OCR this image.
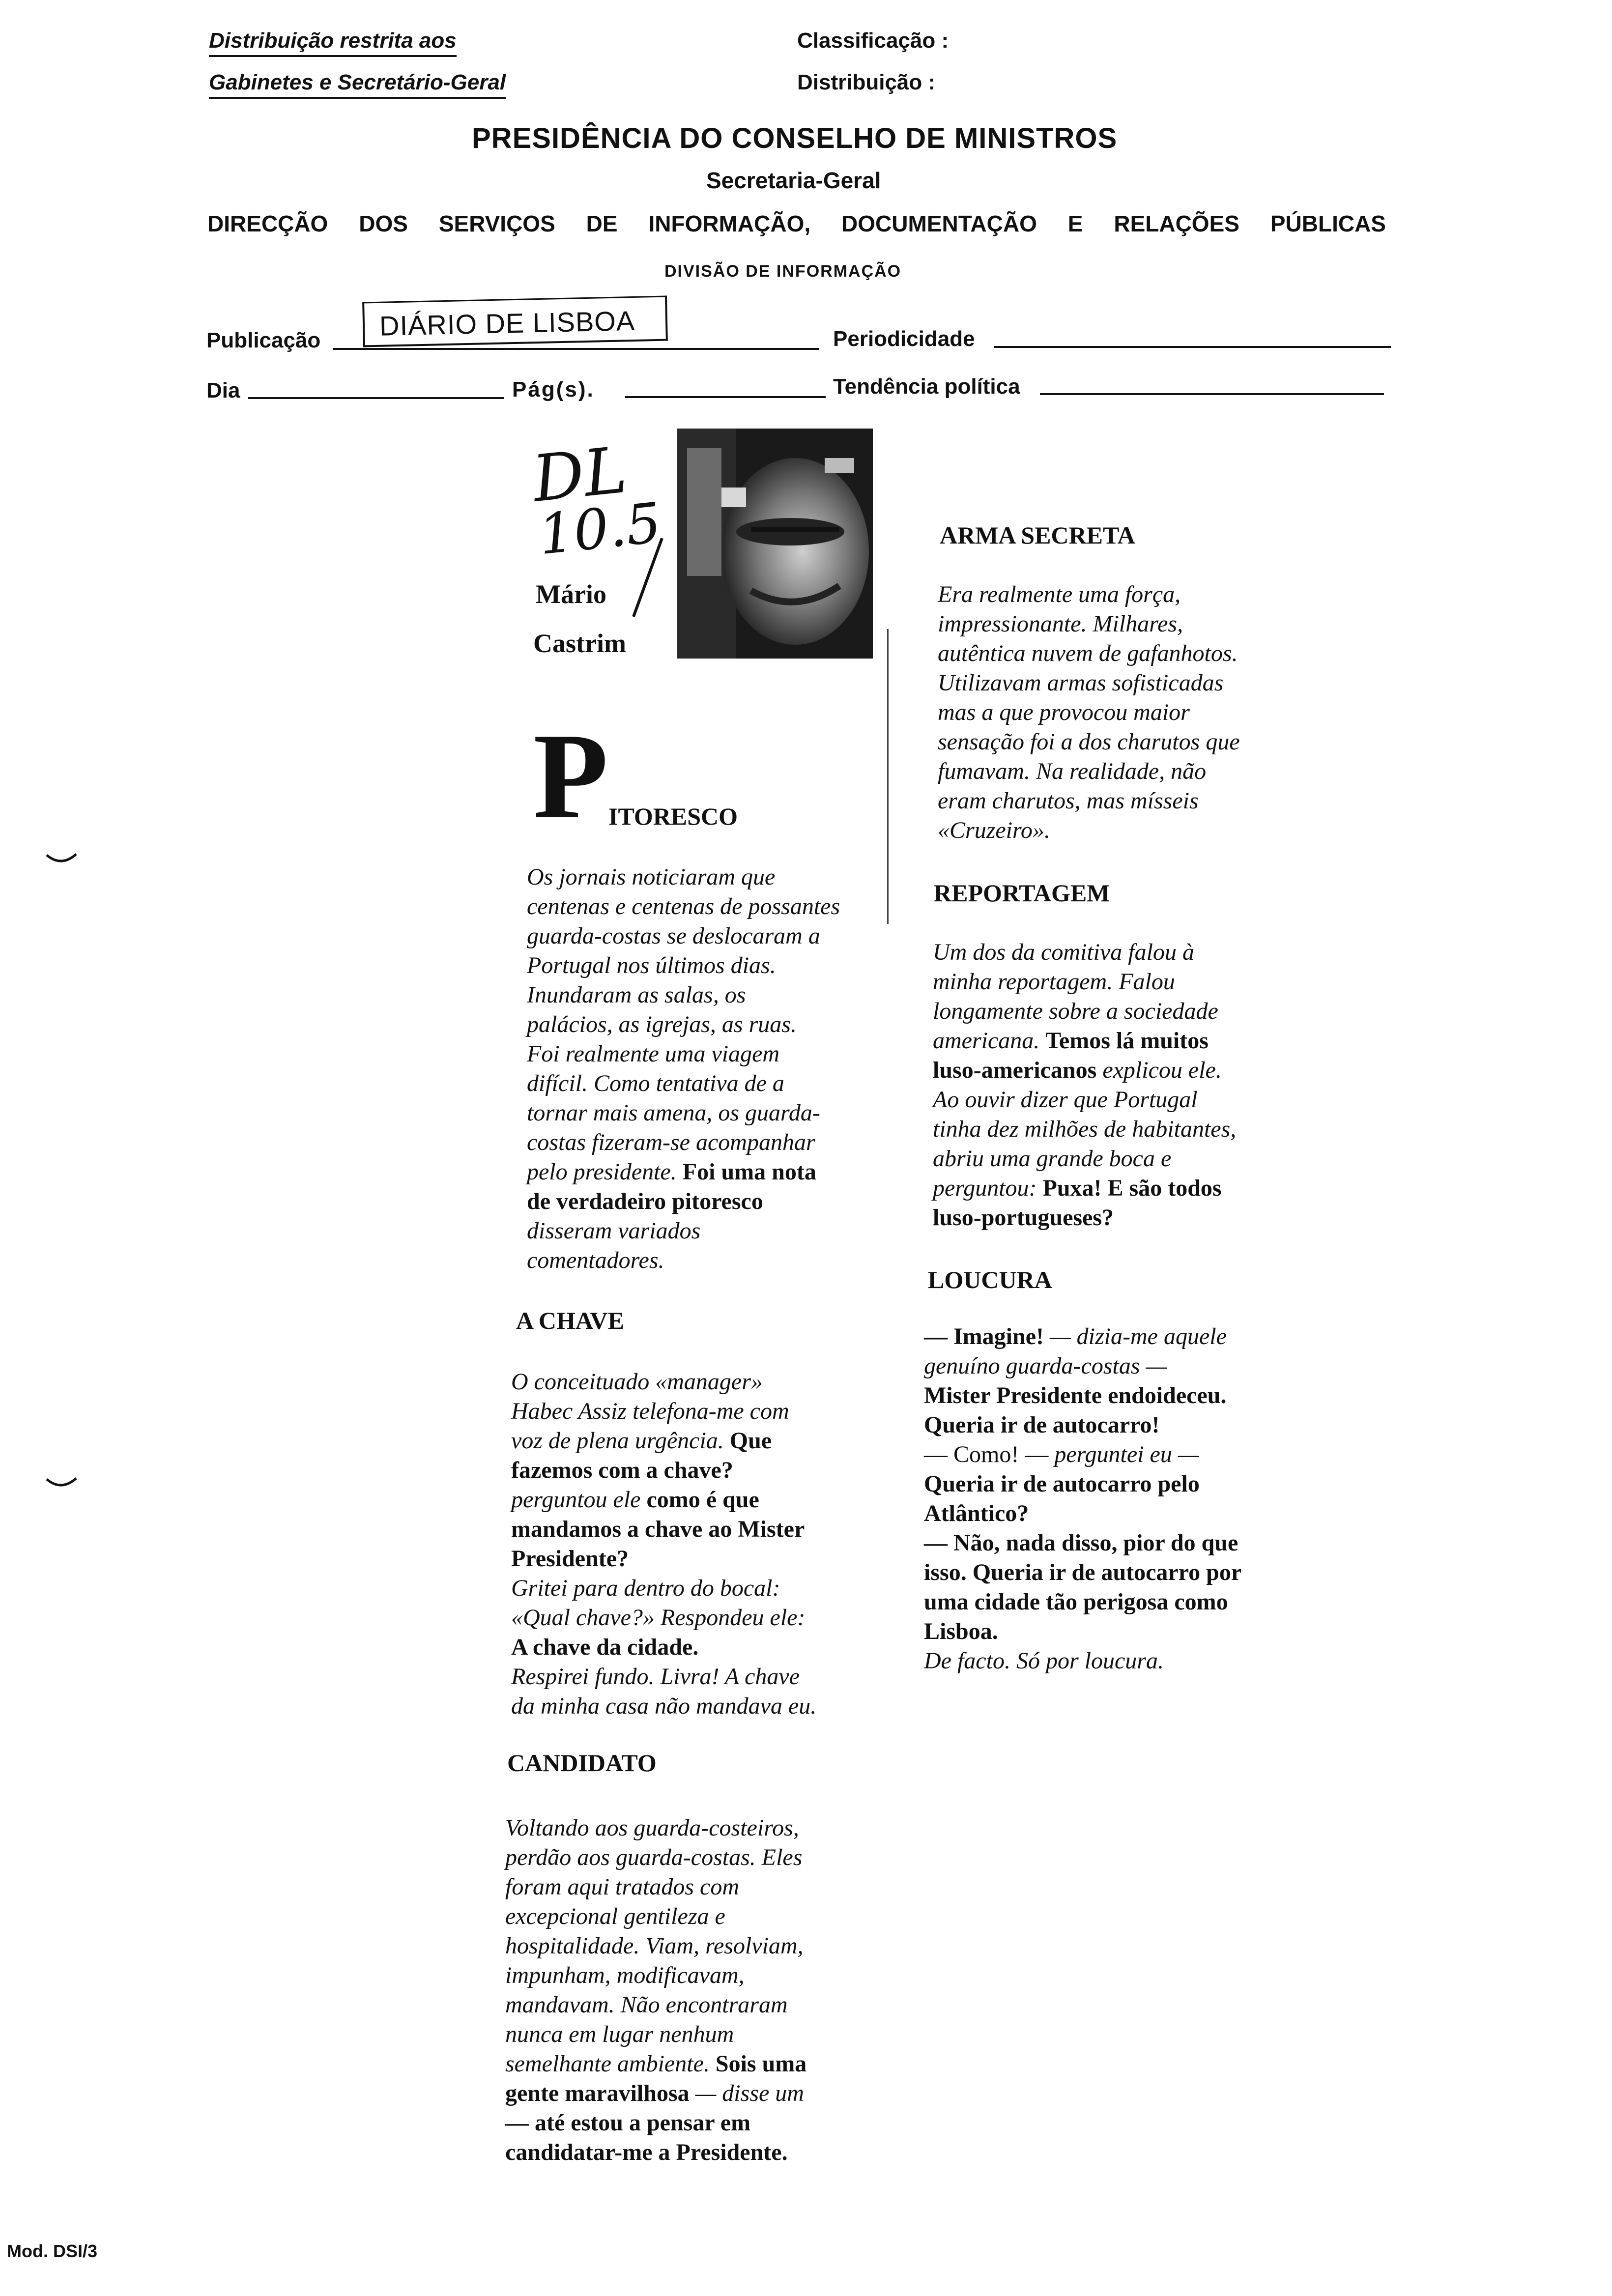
Distribuição restrita aos
Gabinetes e Secretário-Geral
Classificação :
Distribuição :
PRESIDÊNCIA DO CONSELHO DE MINISTROS
Secretaria-Geral
DIRECÇÃO DOS SERVIÇOS DE INFORMAÇÃO, DOCUMENTAÇÃO E RELAÇÕES PÚBLICAS
DIVISÃO DE INFORMAÇÃO
Publicação DIÁRIO DE LISBOA	Periodicidade
Dia	Pág(s).	Tendência política
DL
10.5
Mário
Castrim
P ITORESCO
Os jornais noticiaram que
centenas e centenas de possantes
guarda-costas se deslocaram a
Portugal nos últimos dias.
Inundaram as salas, os
palácios, as igrejas, as ruas.
Foi realmente uma viagem
difícil. Como tentativa de a
tornar mais amena, os guarda-
costas fizeram-se acompanhar
pelo presidente. Foi uma nota
de verdadeiro pitoresco
disseram variados
comentadores.
A CHAVE
O conceituado «manager»
Habec Assiz telefona-me com
voz de plena urgência. Que
fazemos com a chave?
perguntou ele como é que
mandamos a chave ao Mister
Presidente?
Gritei para dentro do bocal:
«Qual chave?» Respondeu ele:
A chave da cidade.
Respirei fundo. Livra! A chave
da minha casa não mandava eu.
CANDIDATO
Voltando aos guarda-costeiros,
perdão aos guarda-costas. Eles
foram aqui tratados com
excepcional gentileza e
hospitalidade. Viam, resolviam,
impunham, modificavam,
mandavam. Não encontraram
nunca em lugar nenhum
semelhante ambiente. Sois uma
gente maravilhosa — disse um
— até estou a pensar em
candidatar-me a Presidente.
ARMA SECRETA
Era realmente uma força,
impressionante. Milhares,
autêntica nuvem de gafanhotos.
Utilizavam armas sofisticadas
mas a que provocou maior
sensação foi a dos charutos que
fumavam. Na realidade, não
eram charutos, mas mísseis
«Cruzeiro».
REPORTAGEM
Um dos da comitiva falou à
minha reportagem. Falou
longamente sobre a sociedade
americana. Temos lá muitos
luso-americanos explicou ele.
Ao ouvir dizer que Portugal
tinha dez milhões de habitantes,
abriu uma grande boca e
perguntou: Puxa! E são todos
luso-portugueses?
LOUCURA
— Imagine! — dizia-me aquele
genuíno guarda-costas —
Mister Presidente endoideceu.
Queria ir de autocarro!
— Como! — perguntei eu —
Queria ir de autocarro pelo
Atlântico?
— Não, nada disso, pior do que
isso. Queria ir de autocarro por
uma cidade tão perigosa como
Lisboa.
De facto. Só por loucura.
Mod. DSI/3
